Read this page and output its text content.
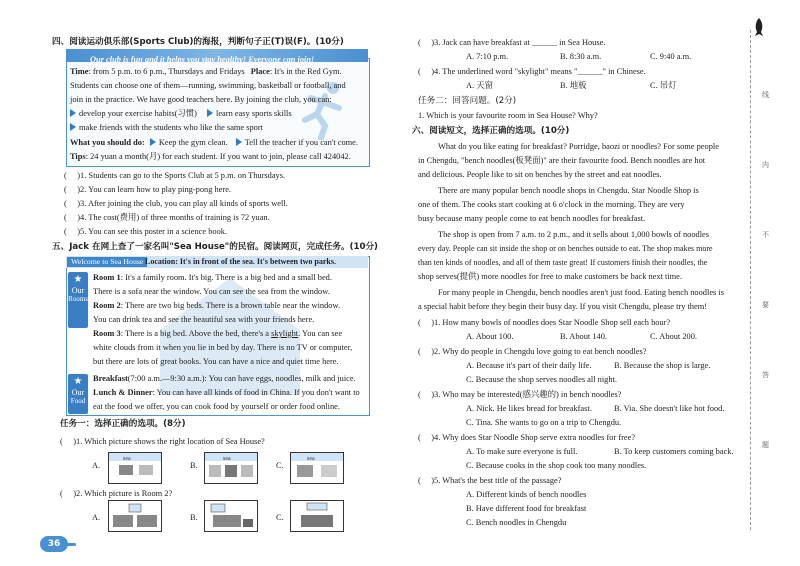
四、阅读运动俱乐部(Sports Club)的海报，判断句子正(T)误(F)。(10分)
Our club is fun and it helps you stay healthy! Everyone can join!
Time: from 5 p.m. to 6 p.m., Thursdays and Fridays Place: It's in the Red Gym.
Students can choose one of them—running, swimming, basketball or football, and
join in the practice. We have good teachers here. By joining the club, you can:
develop your exercise habits(习惯) learn easy sports skills
make friends with the students who like the same sport
What you should do: Keep the gym clean. Tell the teacher if you can't come.
Tips: 24 yuan a month(月) for each student. If you want to join, please call 424042.
(     )1. Students can go to the Sports Club at 5 p.m. on Thursdays.
(     )2. You can learn how to play ping-pong here.
(     )3. After joining the club, you can play all kinds of sports well.
(     )4. The cost(费用) of three months of training is 72 yuan.
(     )5. You can see this poster in a science book.
五、Jack 在网上查了一家名叫"Sea House"的民宿。阅读网页，完成任务。(10分)
Welcome to Sea House Location: It's in front of the sea. It's between two parks.
★
Our
Rooms
★
Our
Food
Room 1: It's a family room. It's big. There is a big bed and a small bed.
There is a sofa near the window. You can see the sea from the window.
Room 2: There are two big beds. There is a brown table near the window.
You can drink tea and see the beautiful sea with your friends here.
Room 3: There is a big bed. Above the bed, there's a skylight. You can see
white clouds from it when you lie in bed by day. There is no TV or computer,
but there are lots of great books. You can have a nice and quiet time here.
Breakfast(7:00 a.m.—9:30 a.m.): You can have eggs, noodles, milk and juice.
Lunch & Dinner: You can have all kinds of food in China. If you don't want to
eat the food we offer, you can cook food by yourself or order food online.
任务一：选择正确的选项。(8分)
(     )1. Which picture shows the right location of Sea House?
A.
sea
B.
sea
C.
sea
(     )2. Which picture is Room 2?
A.	B.	C.
36
(     )3. Jack can have breakfast at ______ in Sea House.
A. 7:10 p.m.	B. 8:30 a.m.	C. 9:40 a.m.
(     )4. The underlined word "skylight" means "______" in Chinese.
A. 天窗	B. 地板	C. 吊灯
任务二：回答问题。(2分)
1. Which is your favourite room in Sea House? Why?
六、阅读短文，选择正确的选项。(10分)
What do you like eating for breakfast? Porridge, baozi or noodles? For some people
in Chengdu, "bench noodles(板凳面)" are their favourite food. Bench noodles are hot
and delicious. People like to sit on benches by the street and eat noodles.
There are many popular bench noodle shops in Chengdu. Star Noodle Shop is
one of them. The cooks start cooking at 6 o'clock in the morning. They are very
busy because many people come to eat bench noodles for breakfast.
The shop is open from 7 a.m. to 2 p.m., and it sells about 1,000 bowls of noodles
every day. People can sit inside the shop or on benches outside to eat. The shop makes more
than ten kinds of noodles, and all of them taste great! If customers finish their noodles, the
shop serves(提供) more noodles for free to make customers be back next time.
For many people in Chengdu, bench noodles aren't just food. Eating bench noodles is
a special habit before they begin their busy day. If you visit Chengdu, please try them!
(     )1. How many bowls of noodles does Star Noodle Shop sell each hour?
A. About 100.	B. About 140.	C. About 200.
(     )2. Why do people in Chengdu love going to eat bench noodles?
A. Because it's part of their daily life.	B. Because the shop is large.
C. Because the shop serves noodles all night.
(     )3. Who may be interested(感兴趣的) in bench noodles?
A. Nick. He likes bread for breakfast.	B. Via. She doesn't like hot food.
C. Tina. She wants to go on a trip to Chengdu.
(     )4. Why does Star Noodle Shop serve extra noodles for free?
A. To make sure everyone is full.	B. To keep customers coming back.
C. Because cooks in the shop cook too many noodles.
(     )5. What's the best title of the passage?
A. Different kinds of bench noodles
B. Have different food for breakfast
C. Bench noodles in Chengdu
线
内
不
要
答
题
